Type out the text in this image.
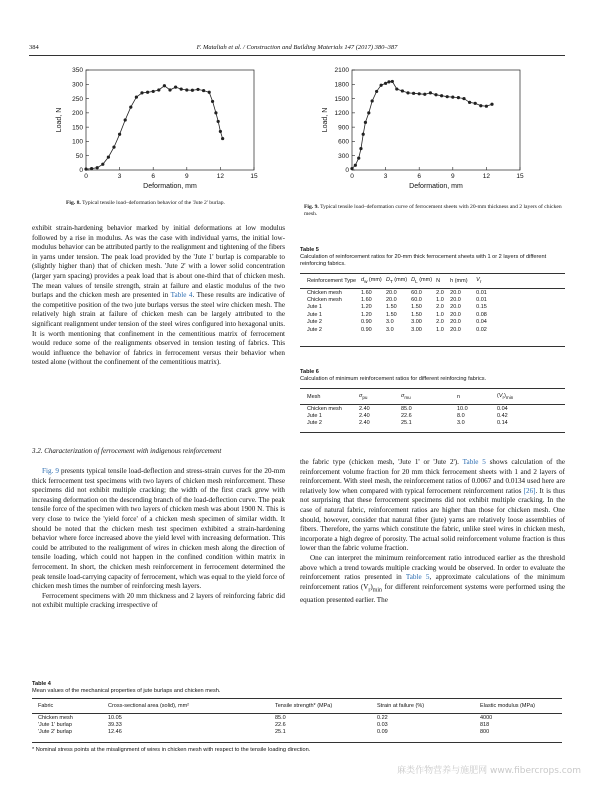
384	F. Mataliah et al. / Construction and Building Materials 147 (2017) 380–387
0	3	6	9	12	15
0
50
100
150
200
250
300
350
Deformation, mm
Load, N
Fig. 8. Typical tensile load–deformation behavior of the 'Jute 2' burlap.
0	3	6	9	12	15
0
300
600
900
1200
1500
1800
2100
Deformation, mm
Load, N
Fig. 9. Typical tensile load–deformation curve of ferrocement sheets with 20-mm thickness and 2 layers of chicken mesh.

exhibit strain-hardening behavior marked by initial deformations at low modulus followed by a rise in modulus. As was the case with individual yarns, the initial low-modulus behavior can be attributed partly to the realignment and tightening of the fibers in yarns under tension. The peak load provided by the 'Jute 1' burlap is comparable to (slightly higher than) that of chicken mesh. 'Jute 2' with a lower solid concentration (larger yarn spacing) provides a peak load that is about one-third that of chicken mesh. The mean values of tensile strength, strain at failure and elastic modulus of the two burlaps and the chicken mesh are presented in Table 4. These results are indicative of the competitive position of the two jute burlaps versus the steel wire chicken mesh. The relatively high strain at failure of chicken mesh can be largely attributed to the significant realignment under tension of the steel wires configured into hexagonal units. It is worth mentioning that confinement in the cementitious matrix of ferrocement would reduce some of the realignments observed in tension testing of fabrics. This would influence the behavior of fabrics in ferrocement versus their behavior when tested alone (without the confinement of the cementitious matrix).

3.2. Characterization of ferrocement with indigenous reinforcement

Fig. 9 presents typical tensile load-deflection and stress-strain curves for the 20-mm thick ferrocement test specimens with two layers of chicken mesh reinforcement. These specimens did not exhibit multiple cracking; the width of the first crack grew with increasing deformation on the descending branch of the load-deflection curve. The peak tensile force of the specimen with two layers of chicken mesh was about 1900 N. This is very close to twice the 'yield force' of a chicken mesh specimen of similar width. It should be noted that the chicken mesh test specimen exhibited a strain-hardening behavior where force increased above the yield level with increasing deformation. This could be attributed to the realignment of wires in chicken mesh along the direction of tensile loading, which could not happen in the confined condition within matrix in ferrocement. In short, the chicken mesh reinforcement in ferrocement determined the peak tensile load-carrying capacity of ferrocement, which was equal to the yield force of chicken mesh times the number of reinforcing mesh layers.

Ferrocement specimens with 20 mm thickness and 2 layers of reinforcing fabric did not exhibit multiple cracking irrespective of

the fabric type (chicken mesh, 'Jute 1' or 'Jute 2'). Table 5 shows calculation of the reinforcement volume fraction for 20 mm thick ferrocement sheets with 1 and 2 layers of reinforcement. With steel mesh, the reinforcement ratios of 0.0067 and 0.0134 used here are relatively low when compared with typical ferrocement reinforcement ratios [26]. It is thus not surprising that these ferrocement specimens did not exhibit multiple cracking. In the case of natural fabric, reinforcement ratios are higher than those for chicken mesh. One should, however, consider that natural fiber (jute) yarns are relatively loose assemblies of fibers. Therefore, the yarns which constitute the fabric, unlike steel wires in chicken mesh, incorporate a high degree of porosity. The actual solid reinforcement volume fraction is thus lower than the fabric volume fraction.

One can interpret the minimum reinforcement ratio introduced earlier as the threshold above which a trend towards multiple cracking would be observed. In order to evaluate the reinforcement ratios presented in Table 5, approximate calculations of the minimum reinforcement ratios $(V_r)_{min}$ for different reinforcement systems were performed using the equation presented earlier. The

Table 5
Calculation of reinforcement ratios for 20-mm thick ferrocement sheets with 1 or 2 layers of different reinforcing fabrics.
Reinforcement Type	$d_w$ (mm)	$D_T$ (mm)	$D_L$ (mm)	N	h (mm)	$V_r$
Chicken mesh	1.60	20.0	60.0	2.0	20.0	0.01
Chicken mesh	1.60	20.0	60.0	1.0	20.0	0.01
Jute 1	1.20	1.50	1.50	2.0	20.0	0.15
Jute 1	1.20	1.50	1.50	1.0	20.0	0.08
Jute 2	0.90	3.0	3.00	2.0	20.0	0.04
Jute 2	0.90	3.0	3.00	1.0	20.0	0.02
Table 6
Calculation of minimum reinforcement ratios for different reinforcing fabrics.
Mesh	$\sigma_{pu}$	$\sigma_{mu}$	n	$(V_r)_{min}$
Chicken mesh	2.40	85.0	10.0	0.04
Jute 1	2.40	22.6	8.0	0.42
Jute 2	2.40	25.1	3.0	0.14
Table 4
Mean values of the mechanical properties of jute burlaps and chicken mesh.
Fabric	Cross-sectional area (solid), mm²	Tensile strength* (MPa)	Strain at failure (%)	Elastic modulus (MPa)
Chicken mesh	10.05	85.0	0.22	4000
'Jute 1' burlap	39.33	22.6	0.03	818
'Jute 2' burlap	12.46	25.1	0.09	800
* Nominal stress points at the misalignment of wires in chicken mesh with respect to the tensile loading direction.
麻类作物营养与施肥网 www.fibercrops.com
